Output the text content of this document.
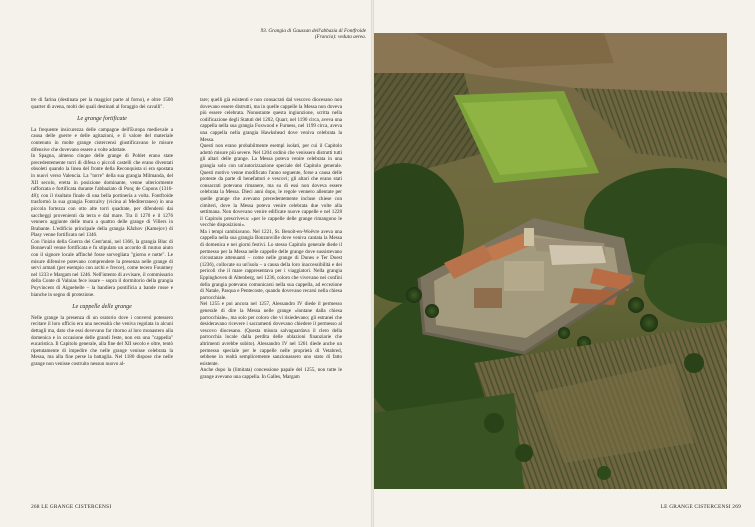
tre di farina (destinata per la maggior parte al forno), e oltre 1500 quarter di avena, molti dei quali destinati al foraggio dei cavalli".

Le grange fortificate

La frequente insicurezza delle campagne dell'Europa medievale a causa delle guerre e delle agitazioni, e il valore del materiale contenuto in molte grange cistercensi giustificavano le misure difensive che dovevano essere a volte adottate.

In Spagna, almeno cinque delle grange di Poblet erano state precedentemente torri di difesa o piccoli castelli che erano diventati obsoleti quando la linea del fronte della Reconquista si era spostata in nuovi verso Valencia. La "torre" della sua grangia Milmanda, del XII secolo, eretta in posizione dominante, venne ulteriormente rafforzata e fortificata durante l'abbaziato di Ponç de Copons (1316-48); con il risultato finale di una bella portinerìa a volta. Fontfroide trasformò la sua grangia Fontcalvy (vicina al Mediterraneo) in una piccola fortezza con otto alte torri quadrate, per difendersi dai saccheggi provenienti da terra e dal mare. Tra il 1270 e il 1276 vennero aggiunte delle mura a quattro delle grange di Villers in Brabante. L'edificio principale della grangia Kåzhov (Kamejov) di Plasy venne fortificato nel 1346.

Con l'inizio della Guerra dei Cent'anni, nel 1366, la grangia Blac di Bonnevall venne fortificata e fu stipulato un accordo di mutuo aiuto con il signore locale affinché fosse sorvegliata "giorno e notte". Le misure difensive potevano comprendere la presenza nelle grange di servi armati (per esempio con archi e frecce), come tecero Fountney nel 1233 e Margam nel 1246. Nell'intento di avvisare, il commissario della Conte di Valnias fece issare – sopra il dormitorio della grangia Puyvincent di Aiguebelle – la bandiera pontificia a bande rosse e bianche in segno di protezione.

Le cappelle delle grange

Nelle grange la presenza di un oratorio dove i conversi potessero recitare il loro ufficio era una necessità che veniva regolata in alcuni dettagli ma, dato che essi dovevano far ritorno al loro monastero alla domenica e in occasione delle grandi feste, non era una "cappella" eucaristica. Il Capitolo generale, alla fine del XII secolo e oltre, tentò ripetutamente di impedire che nelle grange venisse celebrata la Messa, ma alla fine perse la battaglia. Nel 1180 dispose che nelle grange non venisse costruito nessun nuovo al-

tare; quelli già esistenti e non consacrati dal vescovo diocesano non dovevano essere distrutti, ma in quelle cappelle la Messa non doveva più essere celebrata. Nonostante questa ingiunzione, scritta nella codificazione degli Statuti del 1202, Quarr, nel 1190 circa, aveva una cappella nella sua grangia Foxwood e Furness, nel 1199 circa, aveva una cappella nella grangia Hawkshead dove veniva celebrata la Messa.

Questi non erano probabilmente esempi isolati, per cui il Capitolo adottò misure più severe. Nel 1204 ordinò che venissero distrutti tutti gli altari delle grange. La Messa poteva venire celebrata in una grangia solo con un'autorizzazione speciale del Capitolo generale. Questi motivo venne modificato l'anno seguente, forse a causa delle proteste da parte di benefattori e vescovi; gli altari che erano stati consacrati potevano rimanere, ma su di essi non doveva essere celebrata la Messa. Dieci anni dopo, le regole vennero allentate per quelle grange che avevano precedentemente incluse chiese con cimiteri, dove la Messa poteva venire celebrata due volte alla settimana. Non dovevano venire edificate nuove cappelle e nel 1228 il Capitolo prescriveva: «per le cappelle delle grange rimangono le vecchie disposizioni».

Ma i tempi cambiavano. Nel 1221, St. Benoît-en-Woëvre aveva una cappella nella sua grangia Bonzonville dove veniva cantata la Messa di domenica e nei giorni festivi. Lo stesso Capitolo generale diede il permesso per la Messa nelle cappelle delle grange dove sussistevano circostanze attenuanti – come nelle grange di Dunes e Ter Doest (1236), collocate su un'isola – a causa della loro inaccessibilità e dei pericoli che il mare rappresentava per i viaggiatori. Nella grangia Eppinghoven di Altenberg, nel 1236, coloro che vivevano nei confini della grangia potevano comunicarsi nella sua cappella, ad eccezione di Natale, Pasqua e Pentecoste, quando dovevano recarsi nella chiesa parrocchiale.

Nel 1255 e poi ancora nel 1257, Alessandro IV diede il permesso generale di dire la Messa nelle grange «lontane dalla chiesa parrocchiale», ma solo per coloro che vi risiedevano; gli estranei che desideravano ricevere i sacramenti dovevano chiedere il permesso al vescovo diocesano. (Questa misura salvaguardava il clero della parrocchia locale dalla perdita delle oblazioni finanziarie che altrimenti avrebbe subito). Alessandro IV nel 1261 diede anche un permesso speciale per le cappelle nelle proprietà di Vetabred, sebbene in realtà semplicemente sanzionassero uno stato di fatto esistente.

Anche dopo la (limitata) concessione papale del 1255, non tutte le grange avevano una cappella. In Galles, Margam

93. Grangia di Gaussan dell'abbazia di Fontfroide (Francia): veduta aerea.
268 LE GRANGE CISTERCENSI	LE GRANGE CISTERCENSI 269
